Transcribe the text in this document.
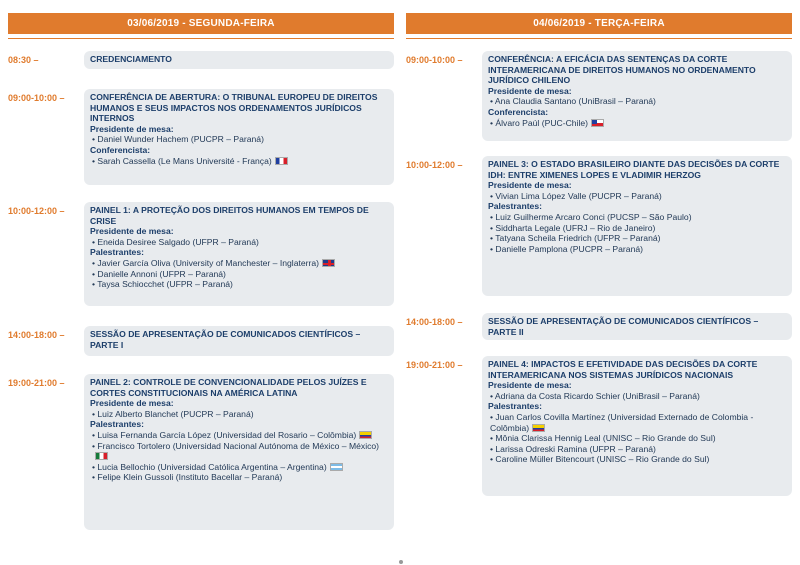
03/06/2019 - SEGUNDA-FEIRA	04/06/2019 - TERÇA-FEIRA
08:30 –	CREDENCIAMENTO
09:00-10:00 –	CONFERÊNCIA DE ABERTURA: O TRIBUNAL EUROPEU DE DIREITOS HUMANOS E SEUS IMPACTOS NOS ORDENAMENTOS JURÍDICOS INTERNOS
Presidente de mesa:
• Daniel Wunder Hachem (PUCPR – Paraná)
Conferencista:
• Sarah Cassella (Le Mans Université - França)
10:00-12:00 –	PAINEL 1: A PROTEÇÃO DOS DIREITOS HUMANOS EM TEMPOS DE CRISE
Presidente de mesa:
• Eneida Desiree Salgado (UFPR – Paraná)
Palestrantes:
• Javier García Oliva (University of Manchester – Inglaterra)
• Danielle Annoni (UFPR – Paraná)
• Taysa Schiocchet (UFPR – Paraná)
14:00-18:00 –	SESSÃO DE APRESENTAÇÃO DE COMUNICADOS CIENTÍFICOS – PARTE I
19:00-21:00 –	PAINEL 2: CONTROLE DE CONVENCIONALIDADE PELOS JUÍZES E CORTES CONSTITUCIONAIS NA AMÉRICA LATINA
Presidente de mesa:
• Luiz Alberto Blanchet (PUCPR – Paraná)
Palestrantes:
• Luisa Fernanda García López (Universidad del Rosario – Colômbia)
• Francisco Tortolero (Universidad Nacional Autónoma de México – México)
• Lucia Bellochio (Universidad Católica Argentina – Argentina)
• Felipe Klein Gussoli (Instituto Bacellar – Paraná)
09:00-10:00 –	CONFERÊNCIA: A EFICÁCIA DAS SENTENÇAS DA CORTE INTERAMERICANA DE DIREITOS HUMANOS NO ORDENAMENTO JURÍDICO CHILENO
Presidente de mesa:
• Ana Claudia Santano (UniBrasil – Paraná)
Conferencista:
• Álvaro Paúl (PUC-Chile)
10:00-12:00 –	PAINEL 3: O ESTADO BRASILEIRO DIANTE DAS DECISÕES DA CORTE IDH: ENTRE XIMENES LOPES E VLADIMIR HERZOG
Presidente de mesa:
• Vivian Lima López Valle (PUCPR – Paraná)
Palestrantes:
• Luiz Guilherme Arcaro Conci (PUCSP – São Paulo)
• Siddharta Legale (UFRJ – Rio de Janeiro)
• Tatyana Scheila Friedrich (UFPR – Paraná)
• Danielle Pamplona (PUCPR – Paraná)
14:00-18:00 –	SESSÃO DE APRESENTAÇÃO DE COMUNICADOS CIENTÍFICOS – PARTE II
19:00-21:00 –	PAINEL 4: IMPACTOS E EFETIVIDADE DAS DECISÕES DA CORTE INTERAMERICANA NOS SISTEMAS JURÍDICOS NACIONAIS
Presidente de mesa:
• Adriana da Costa Ricardo Schier (UniBrasil – Paraná)
Palestrantes:
• Juan Carlos Covilla Martínez (Universidad Externado de Colombia - Colômbia)
• Mônia Clarissa Hennig Leal (UNISC – Rio Grande do Sul)
• Larissa Odreski Ramina (UFPR – Paraná)
• Caroline Müller Bitencourt (UNISC – Rio Grande do Sul)
